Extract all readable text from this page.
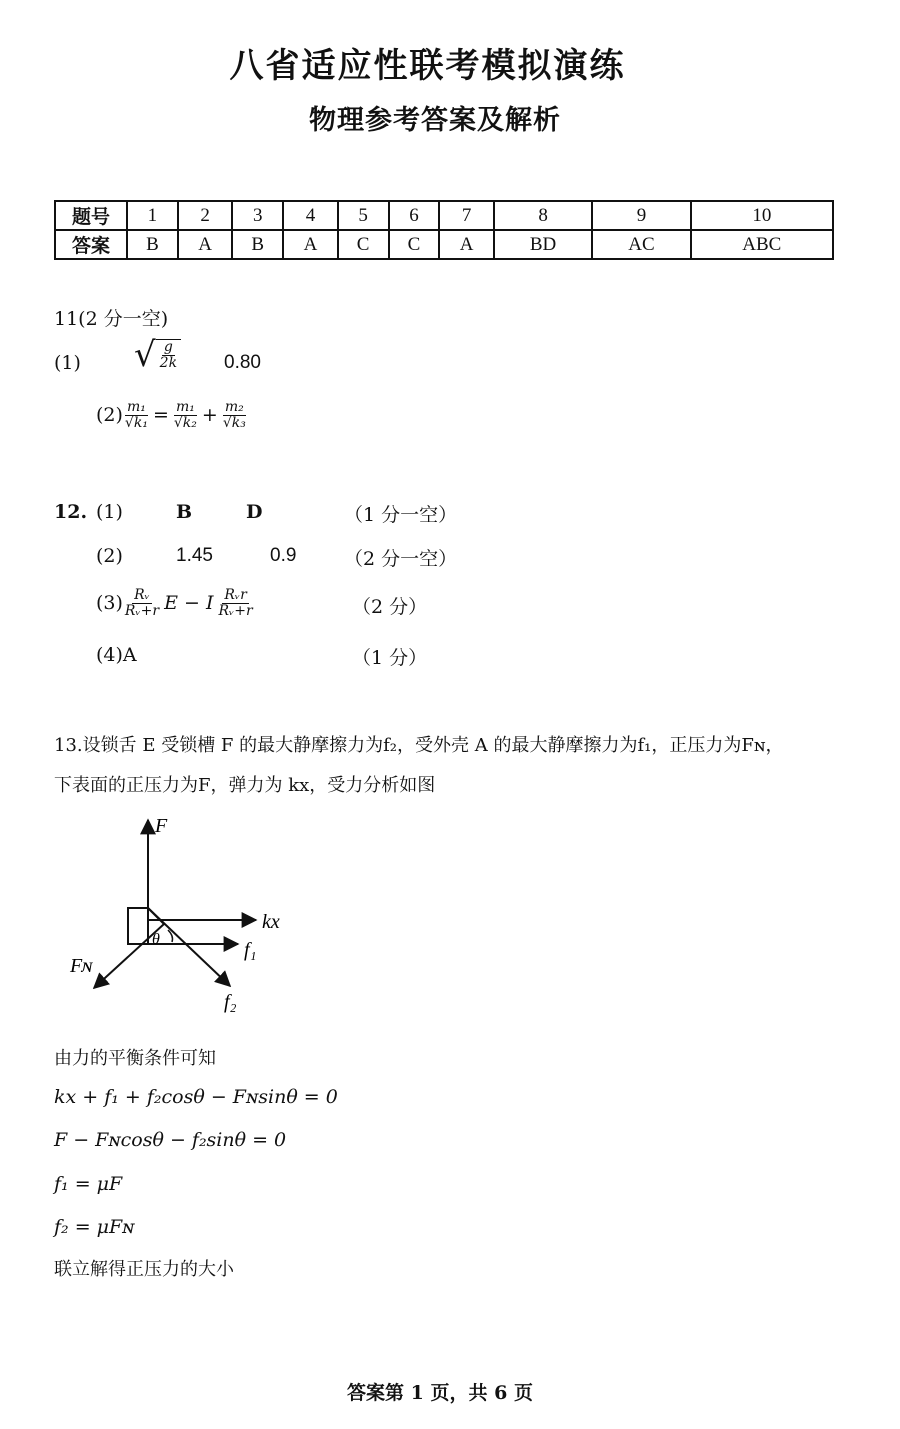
八省适应性联考模拟演练
物理参考答案及解析
题号	1	2	3	4	5	6	7	8	9	10
答案	B	A	B	A	C	C	A	BD	AC	ABC
11(2 分一空)
(1) √ $\frac{g}{2k} 0.80$
$(2) \frac{\text{m₁}}{\text{√k₁}} = \frac{\text{m₁}}{\text{√k₂}} + \frac{\text{m₂}}{\text{√k₃}}$
12. (1)	B	D	（1 分一空）
(2)	1.45	0.9	（2 分一空）
$(3) \frac{\text{Rᵥ}}{\text{Rᵥ+r}}$ E − I $\frac{\text{Rᵥr}}{\text{Rᵥ+r}}$	（2 分）
(4)A	（1 分）
13.设锁舌 E 受锁槽 F 的最大静摩擦力为f₂，受外壳 A 的最大静摩擦力为f₁，正压力为Fɴ，
下表面的正压力为F，弹力为 kx，受力分析如图
F
kx
f₁
Fɴ
f₂
θ
由力的平衡条件可知
kx + f₁ + f₂cosθ − Fɴsinθ = 0
F − Fɴcosθ − f₂sinθ = 0
f₁ = μF
f₂ = μFɴ
联立解得正压力的大小
答案第 1 页，共 6 页
